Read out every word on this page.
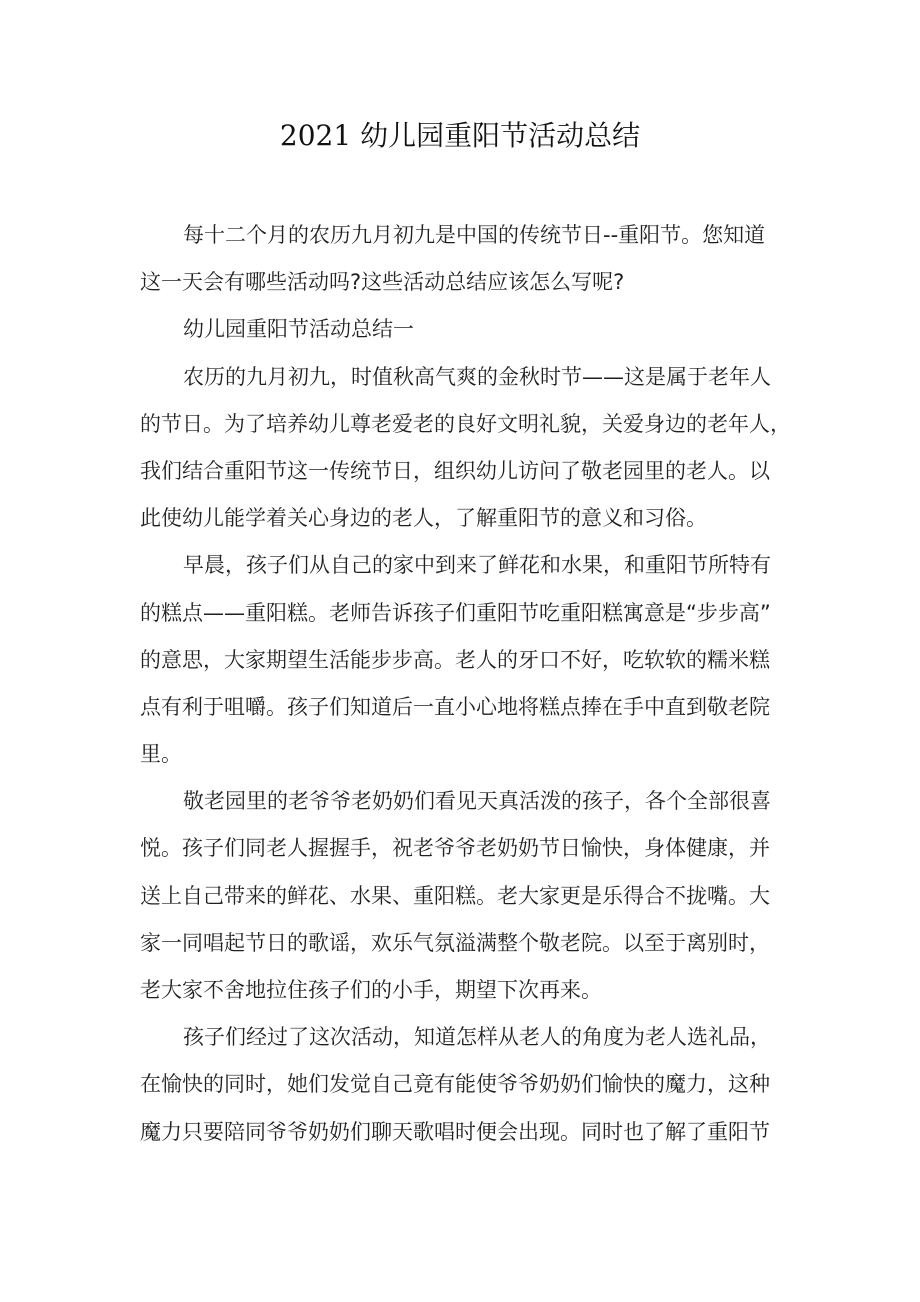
2021 幼儿园重阳节活动总结
每十二个月的农历九月初九是中国的传统节日--重阳节。您知道
这一天会有哪些活动吗?这些活动总结应该怎么写呢?
幼儿园重阳节活动总结一
农历的九月初九，时值秋高气爽的金秋时节——这是属于老年人
的节日。为了培养幼儿尊老爱老的良好文明礼貌，关爱身边的老年人，
我们结合重阳节这一传统节日，组织幼儿访问了敬老园里的老人。以
此使幼儿能学着关心身边的老人，了解重阳节的意义和习俗。
早晨，孩子们从自己的家中到来了鲜花和水果，和重阳节所特有
的糕点——重阳糕。老师告诉孩子们重阳节吃重阳糕寓意是“步步高”
的意思，大家期望生活能步步高。老人的牙口不好，吃软软的糯米糕
点有利于咀嚼。孩子们知道后一直小心地将糕点捧在手中直到敬老院
里。
敬老园里的老爷爷老奶奶们看见天真活泼的孩子，各个全部很喜
悦。孩子们同老人握握手，祝老爷爷老奶奶节日愉快，身体健康，并
送上自己带来的鲜花、水果、重阳糕。老大家更是乐得合不拢嘴。大
家一同唱起节日的歌谣，欢乐气氛溢满整个敬老院。以至于离别时，
老大家不舍地拉住孩子们的小手，期望下次再来。
孩子们经过了这次活动，知道怎样从老人的角度为老人选礼品，
在愉快的同时，她们发觉自己竟有能使爷爷奶奶们愉快的魔力，这种
魔力只要陪同爷爷奶奶们聊天歌唱时便会出现。同时也了解了重阳节
